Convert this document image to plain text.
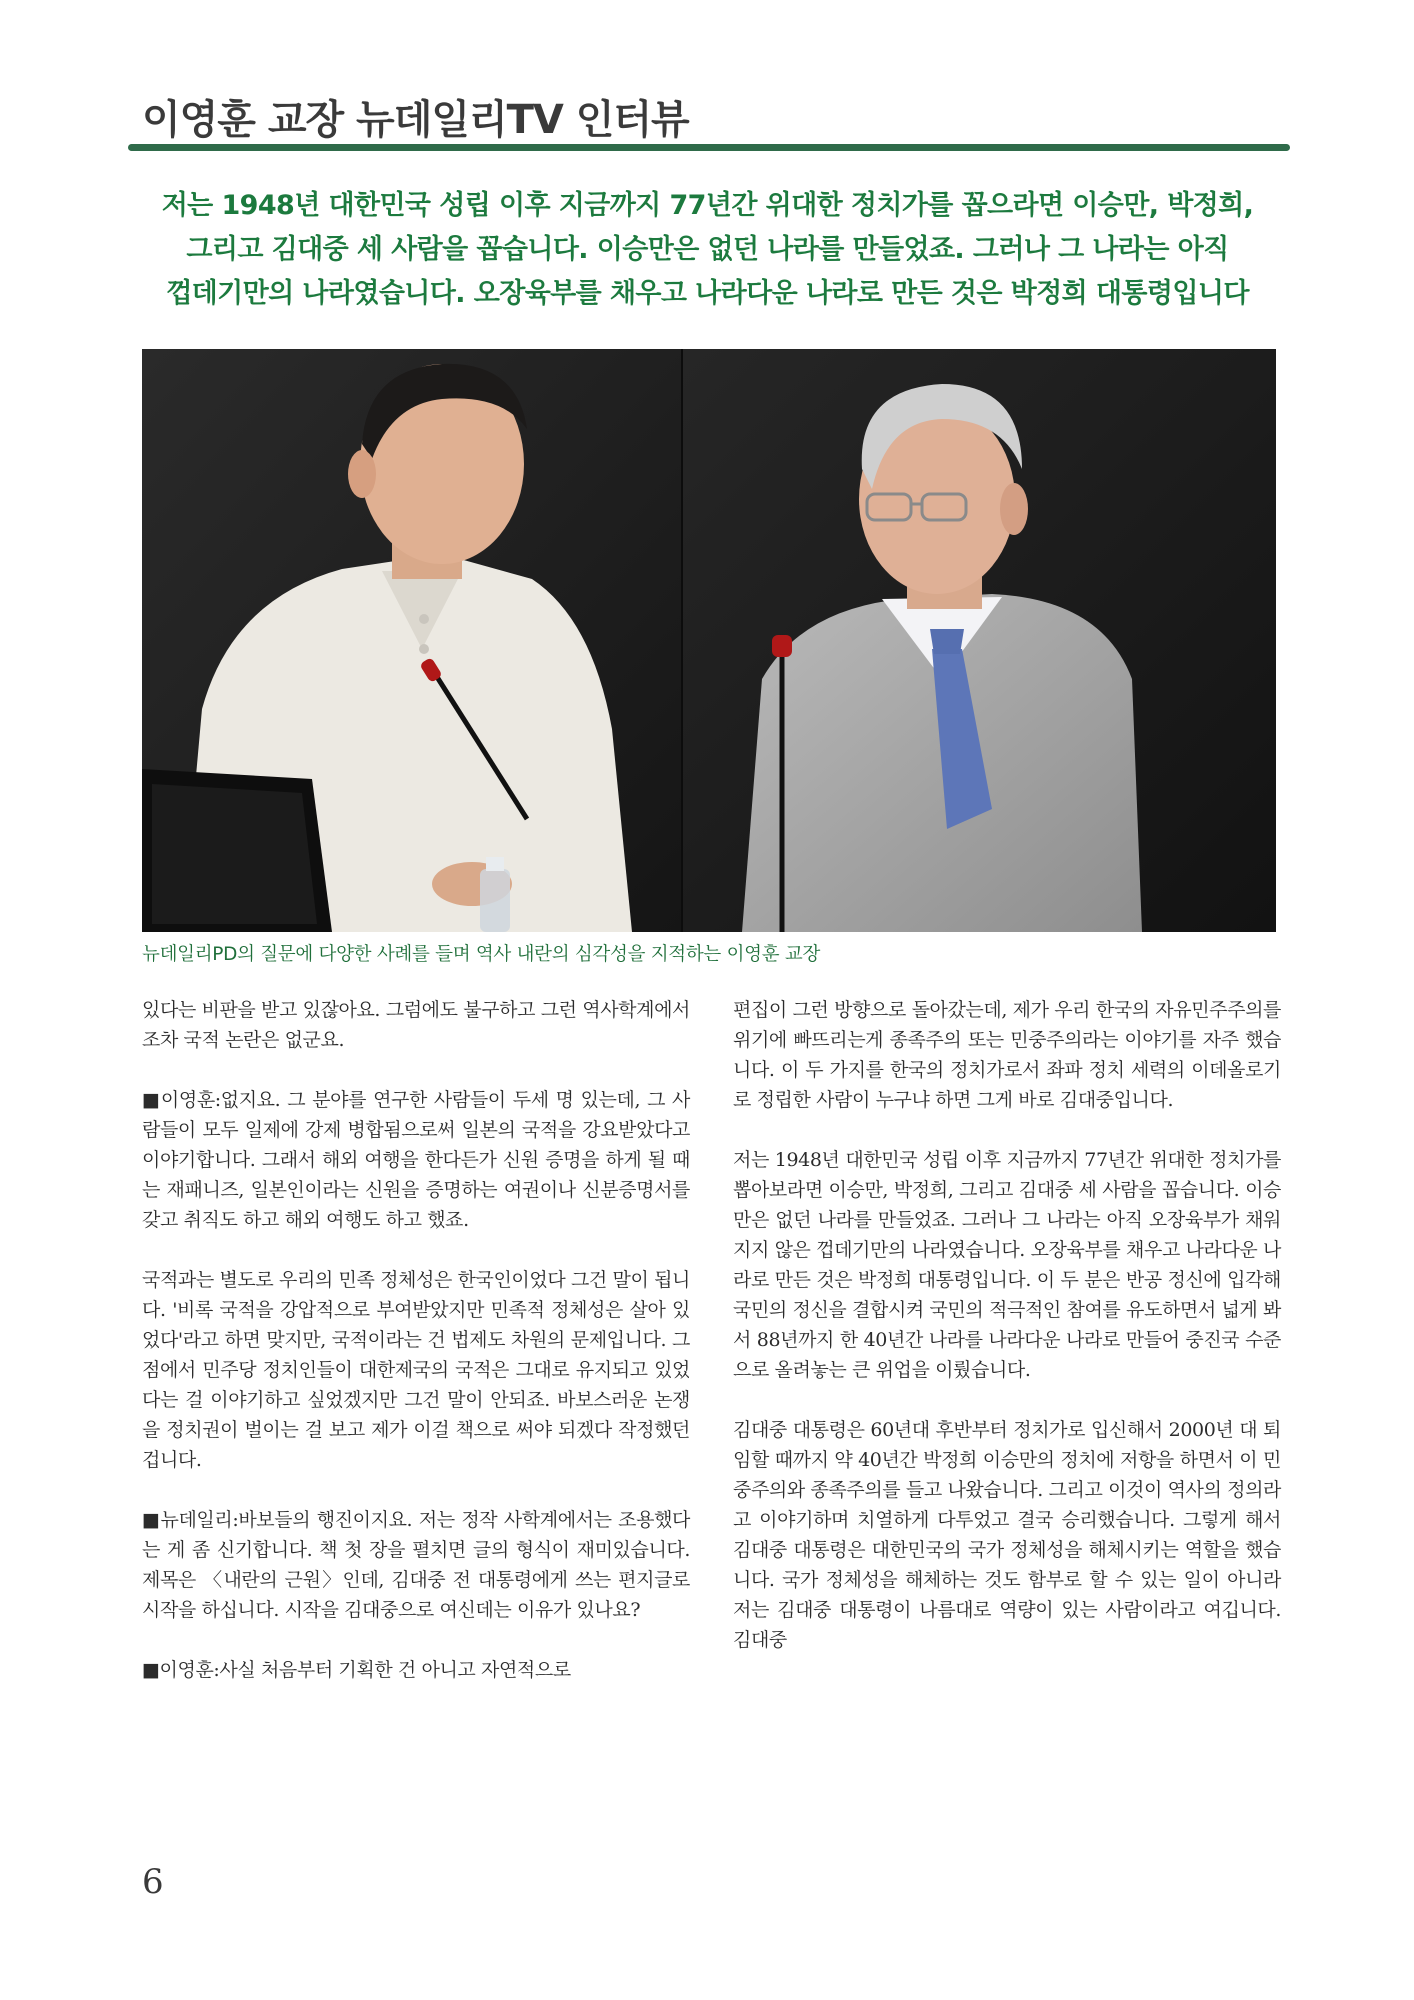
이영훈 교장 뉴데일리TV 인터뷰
저는 1948년 대한민국 성립 이후 지금까지 77년간 위대한 정치가를 꼽으라면 이승만, 박정희,
그리고 김대중 세 사람을 꼽습니다. 이승만은 없던 나라를 만들었죠. 그러나 그 나라는 아직
껍데기만의 나라였습니다. 오장육부를 채우고 나라다운 나라로 만든 것은 박정희 대통령입니다
뉴데일리PD의 질문에 다양한 사례를 들며 역사 내란의 심각성을 지적하는 이영훈 교장

있다는 비판을 받고 있잖아요. 그럼에도 불구하고 그런 역사학계에서조차 국적 논란은 없군요.

■이영훈:없지요. 그 분야를 연구한 사람들이 두세 명 있는데, 그 사람들이 모두 일제에 강제 병합됨으로써 일본의 국적을 강요받았다고 이야기합니다. 그래서 해외 여행을 한다든가 신원 증명을 하게 될 때는 재패니즈, 일본인이라는 신원을 증명하는 여권이나 신분증명서를 갖고 취직도 하고 해외 여행도 하고 했죠.

국적과는 별도로 우리의 민족 정체성은 한국인이었다 그건 말이 됩니다. '비록 국적을 강압적으로 부여받았지만 민족적 정체성은 살아 있었다'라고 하면 맞지만, 국적이라는 건 법제도 차원의 문제입니다. 그 점에서 민주당 정치인들이 대한제국의 국적은 그대로 유지되고 있었다는 걸 이야기하고 싶었겠지만 그건 말이 안되죠. 바보스러운 논쟁을 정치권이 벌이는 걸 보고 제가 이걸 책으로 써야 되겠다 작정했던 겁니다.

■뉴데일리:바보들의 행진이지요. 저는 정작 사학계에서는 조용했다는 게 좀 신기합니다. 책 첫 장을 펼치면 글의 형식이 재미있습니다. 제목은 〈내란의 근원〉인데, 김대중 전 대통령에게 쓰는 편지글로 시작을 하십니다. 시작을 김대중으로 여신데는 이유가 있나요?

■이영훈:사실 처음부터 기획한 건 아니고 자연적으로

편집이 그런 방향으로 돌아갔는데, 제가 우리 한국의 자유민주주의를 위기에 빠뜨리는게 종족주의 또는 민중주의라는 이야기를 자주 했습니다. 이 두 가지를 한국의 정치가로서 좌파 정치 세력의 이데올로기로 정립한 사람이 누구냐 하면 그게 바로 김대중입니다.

저는 1948년 대한민국 성립 이후 지금까지 77년간 위대한 정치가를 뽑아보라면 이승만, 박정희, 그리고 김대중 세 사람을 꼽습니다. 이승만은 없던 나라를 만들었죠. 그러나 그 나라는 아직 오장육부가 채워지지 않은 껍데기만의 나라였습니다. 오장육부를 채우고 나라다운 나라로 만든 것은 박정희 대통령입니다. 이 두 분은 반공 정신에 입각해 국민의 정신을 결합시켜 국민의 적극적인 참여를 유도하면서 넓게 봐서 88년까지 한 40년간 나라를 나라다운 나라로 만들어 중진국 수준으로 올려놓는 큰 위업을 이뤘습니다.

김대중 대통령은 60년대 후반부터 정치가로 입신해서 2000년 대 퇴임할 때까지 약 40년간 박정희 이승만의 정치에 저항을 하면서 이 민중주의와 종족주의를 들고 나왔습니다. 그리고 이것이 역사의 정의라고 이야기하며 치열하게 다투었고 결국 승리했습니다. 그렇게 해서 김대중 대통령은 대한민국의 국가 정체성을 해체시키는 역할을 했습니다. 국가 정체성을 해체하는 것도 함부로 할 수 있는 일이 아니라 저는 김대중 대통령이 나름대로 역량이 있는 사람이라고 여깁니다. 김대중

6
